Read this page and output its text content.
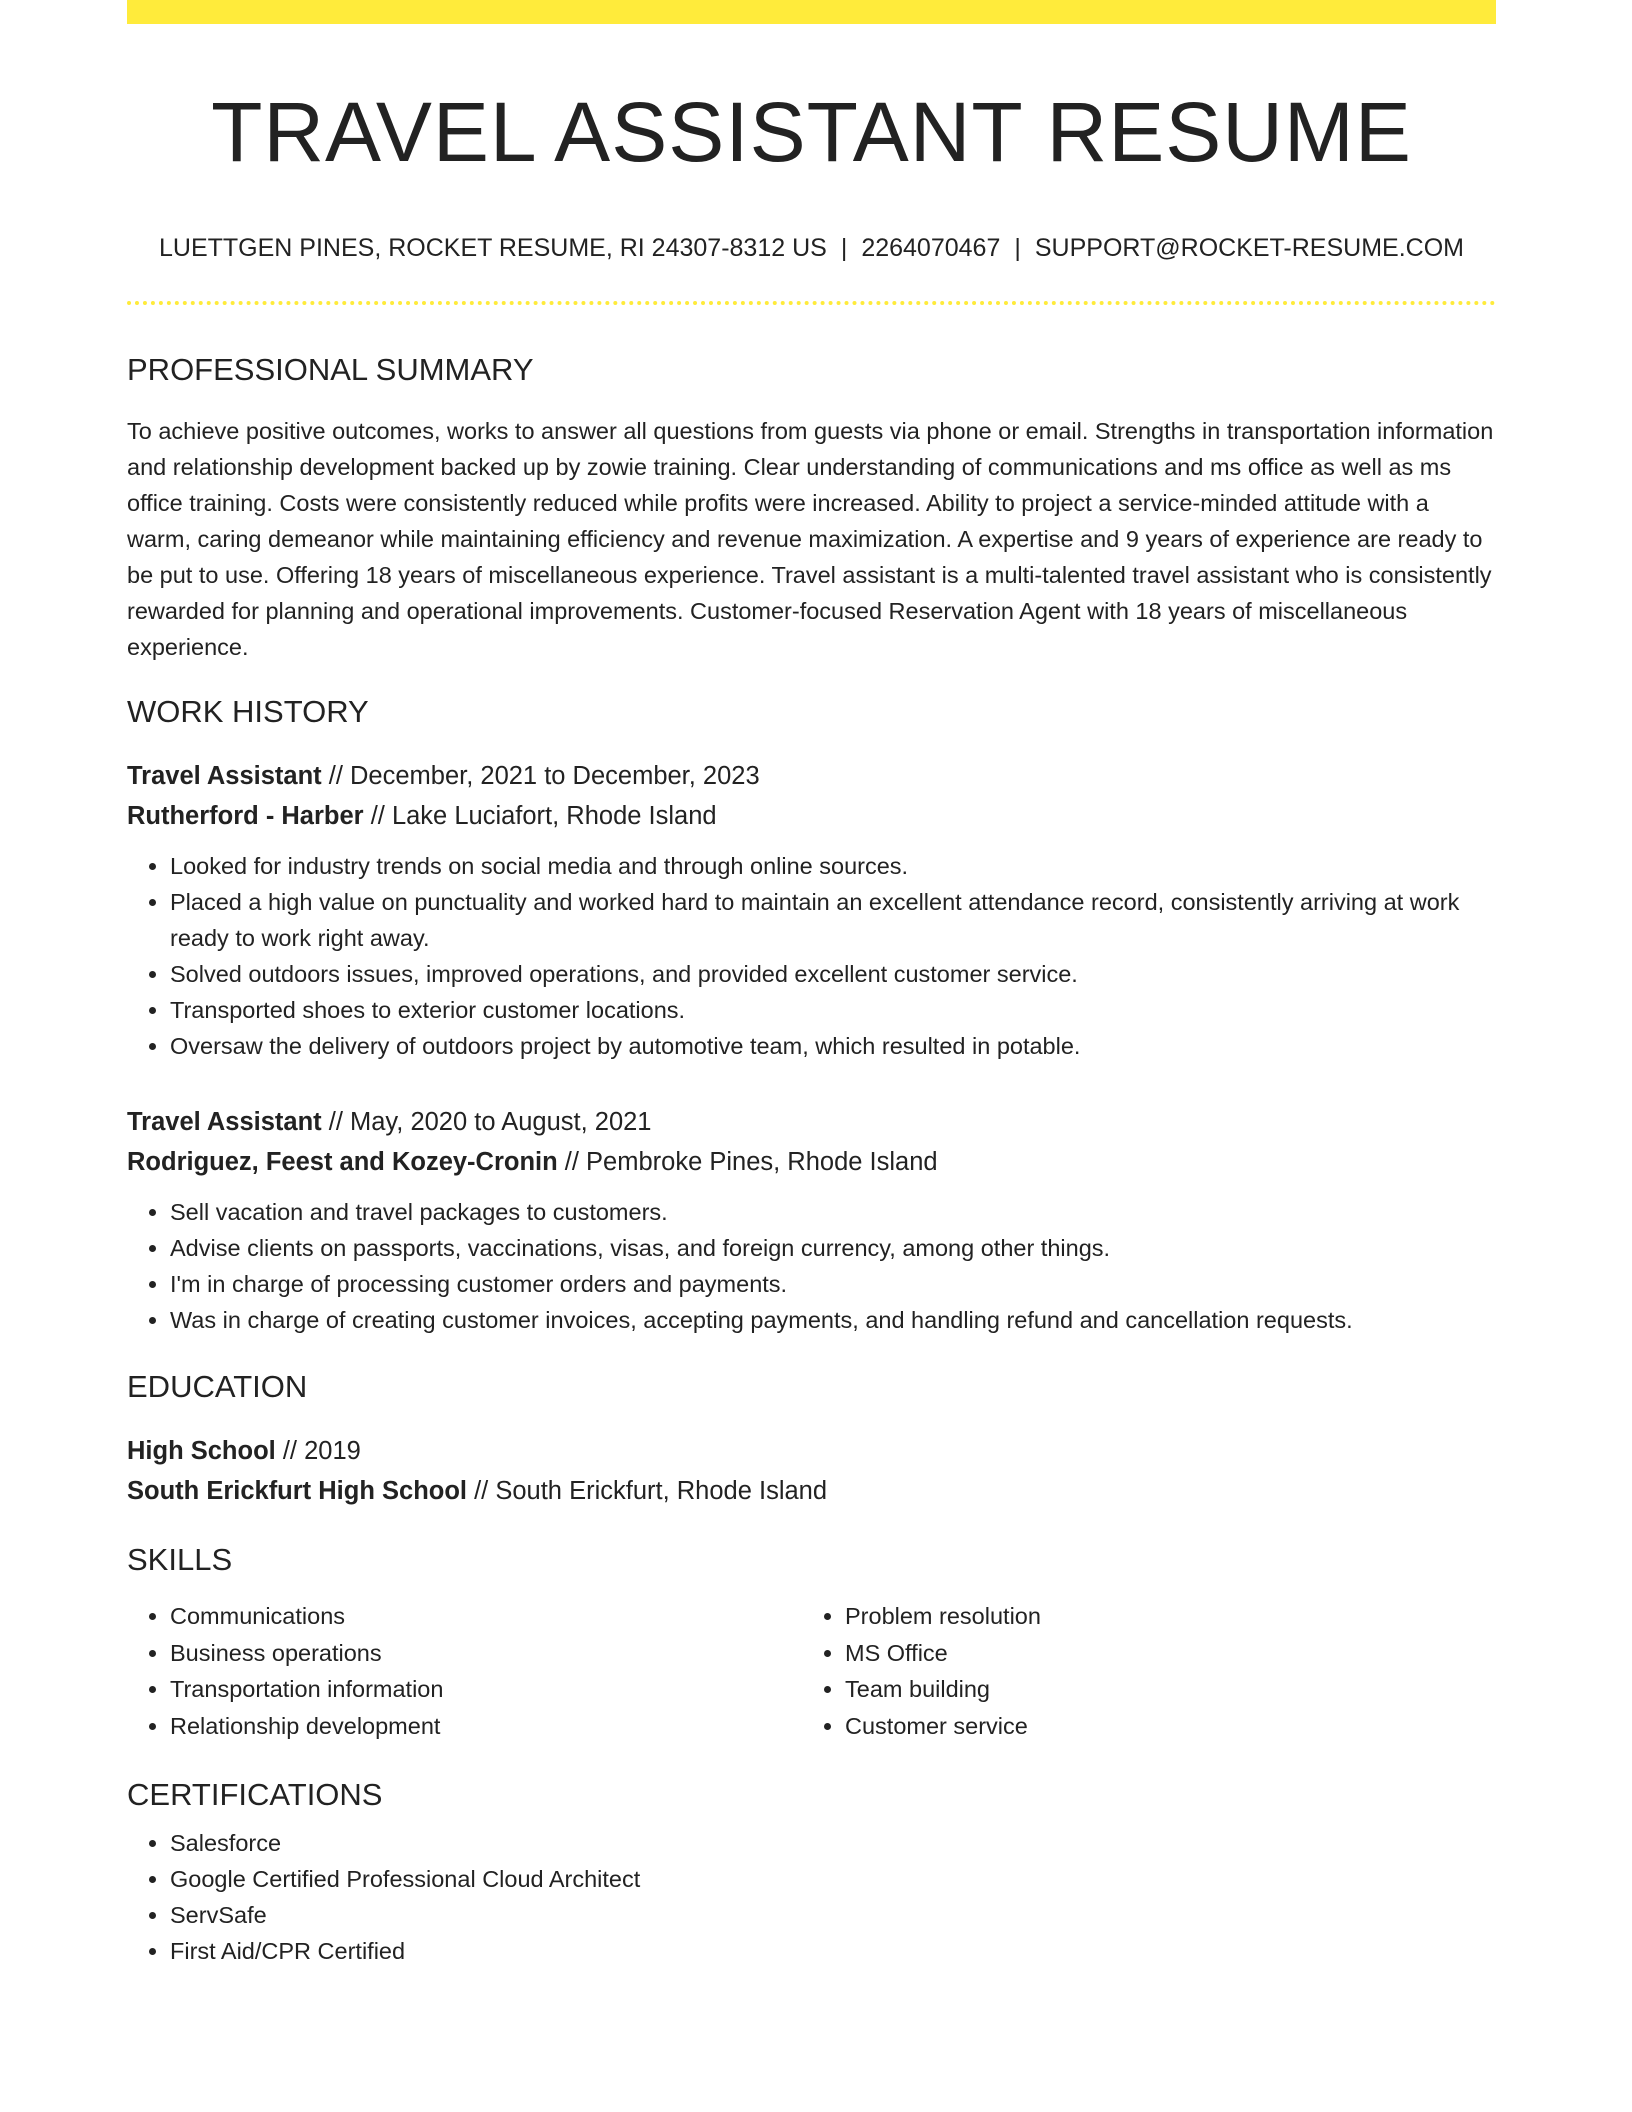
TRAVEL ASSISTANT RESUME
LUETTGEN PINES, ROCKET RESUME, RI 24307-8312 US | 2264070467 | SUPPORT@ROCKET-RESUME.COM
PROFESSIONAL SUMMARY

To achieve positive outcomes, works to answer all questions from guests via phone or email. Strengths in transportation information and relationship development backed up by zowie training. Clear understanding of communications and ms office as well as ms office training. Costs were consistently reduced while profits were increased. Ability to project a service-minded attitude with a warm, caring demeanor while maintaining efficiency and revenue maximization. A expertise and 9 years of experience are ready to be put to use. Offering 18 years of miscellaneous experience. Travel assistant is a multi-talented travel assistant who is consistently rewarded for planning and operational improvements. Customer-focused Reservation Agent with 18 years of miscellaneous experience.

WORK HISTORY
Travel Assistant // December, 2021 to December, 2023
Rutherford - Harber // Lake Luciafort, Rhode Island
• Looked for industry trends on social media and through online sources.
• Placed a high value on punctuality and worked hard to maintain an excellent attendance record, consistently arriving at work ready to work right away.
• Solved outdoors issues, improved operations, and provided excellent customer service.
• Transported shoes to exterior customer locations.
• Oversaw the delivery of outdoors project by automotive team, which resulted in potable.
Travel Assistant // May, 2020 to August, 2021
Rodriguez, Feest and Kozey-Cronin // Pembroke Pines, Rhode Island
• Sell vacation and travel packages to customers.
• Advise clients on passports, vaccinations, visas, and foreign currency, among other things.
• I'm in charge of processing customer orders and payments.
• Was in charge of creating customer invoices, accepting payments, and handling refund and cancellation requests.
EDUCATION
High School // 2019
South Erickfurt High School // South Erickfurt, Rhode Island
SKILLS
• Communications
• Business operations
• Transportation information
• Relationship development
• Problem resolution
• MS Office
• Team building
• Customer service
CERTIFICATIONS
• Salesforce
• Google Certified Professional Cloud Architect
• ServSafe
• First Aid/CPR Certified
